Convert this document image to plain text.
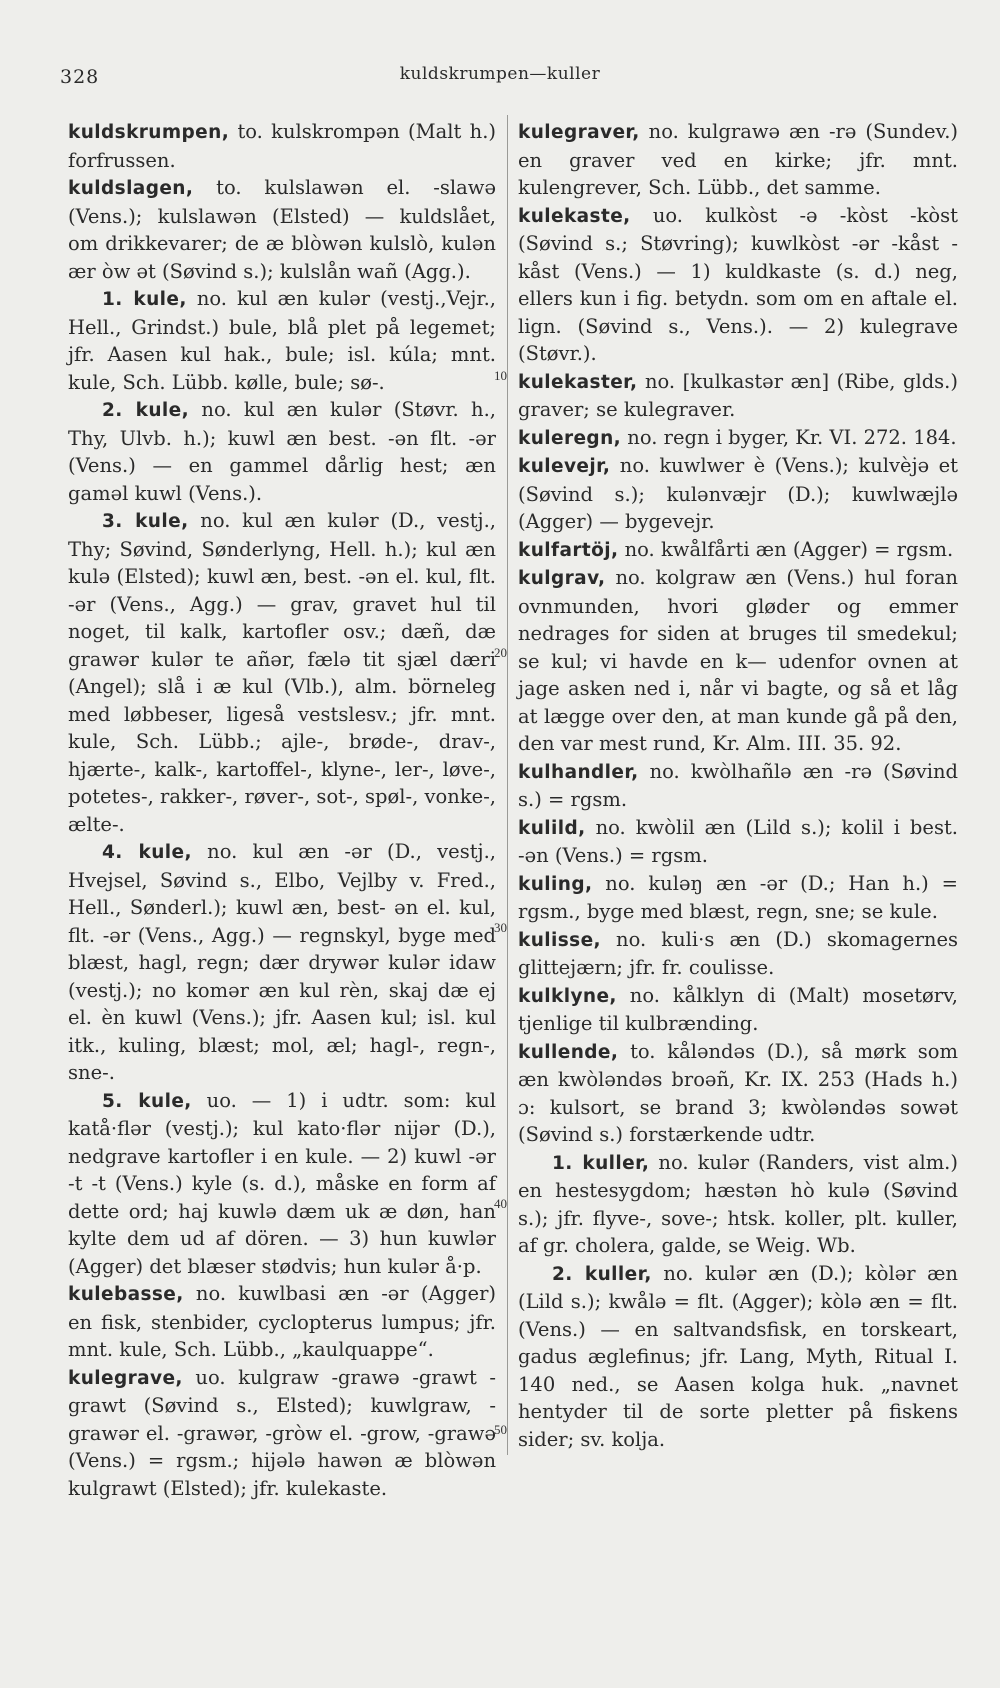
328	kuldskrumpen—kuller

kuldskrumpen, to. kulskrompən (Malt h.) forfrussen.

kuldslagen, to. kulslawən el. -slawə (Vens.); kulslawən (Elsted) — kuldslået, om drikkevarer; de æ blòwən kulslò, kulən ær òw ət (Søvind s.); kulslån wañ (Agg.).

1. kule, no. kul æn kulər (vestj.,Vejr., Hell., Grindst.) bule, blå plet på legemet; jfr. Aasen kul hak., bule; isl. kúla; mnt. kule, Sch. Lübb. kølle, bule; sø-.

2. kule, no. kul æn kulər (Støvr. h., Thy, Ulvb. h.); kuwl æn best. -ən flt. -ər (Vens.) — en gammel dårlig hest; æn gaməl kuwl (Vens.).

3. kule, no. kul æn kulər (D., vestj., Thy; Søvind, Sønderlyng, Hell. h.); kul æn kulə (Elsted); kuwl æn, best. -ən el. kul, flt. -ər (Vens., Agg.) — grav, gravet hul til noget, til kalk, kartofler osv.; dæñ, dæ grawər kulər te añər, fælə tit sjæl dæri (Angel); slå i æ kul (Vlb.), alm. börneleg med løbbeser, ligeså vestslesv.; jfr. mnt. kule, Sch. Lübb.; ajle-, brøde-, drav-, hjærte-, kalk-, kartoffel-, klyne-, ler-, løve-, potetes-, rakker-, røver-, sot-, spøl-, vonke-, ælte-.

4. kule, no. kul æn -ər (D., vestj., Hvejsel, Søvind s., Elbo, Vejlby v. Fred., Hell., Sønderl.); kuwl æn, best- ən el. kul, flt. -ər (Vens., Agg.) — regnskyl, byge med blæst, hagl, regn; dær drywər kulər idaw (vestj.); no komər æn kul rèn, skaj dæ ej el. èn kuwl (Vens.); jfr. Aasen kul; isl. kul itk., kuling, blæst; mol, æl; hagl-, regn-, sne-.

5. kule, uo. — 1) i udtr. som: kul katå·flər (vestj.); kul kato·flər nijər (D.), nedgrave kartofler i en kule. — 2) kuwl -ər -t -t (Vens.) kyle (s. d.), måske en form af dette ord; haj kuwlə dæm uk æ døn, han kylte dem ud af dören. — 3) hun kuwlər (Agger) det blæser stødvis; hun kulər å·p.

kulebasse, no. kuwlbasi æn -ər (Agger) en fisk, stenbider, cyclopterus lumpus; jfr. mnt. kule, Sch. Lübb., „kaulquappe“.

kulegrave, uo. kulgraw -grawə -grawt -grawt (Søvind s., Elsted); kuwlgraw, -grawər el. -grawər, -gròw el. -grow, -grawə (Vens.) = rgsm.; hijələ hawən æ blòwən kulgrawt (Elsted); jfr. kulekaste.

10
20
30
40
50

kulegraver, no. kulgrawə æn -rə (Sundev.) en graver ved en kirke; jfr. mnt. kulengrever, Sch. Lübb., det samme.

kulekaste, uo. kulkòst -ə -kòst -kòst (Søvind s.; Støvring); kuwlkòst -ər -kåst -kåst (Vens.) — 1) kuldkaste (s. d.) neg, ellers kun i fig. betydn. som om en aftale el. lign. (Søvind s., Vens.). — 2) kulegrave (Støvr.).

kulekaster, no. [kulkastər æn] (Ribe, glds.) graver; se kulegraver.

kuleregn, no. regn i byger, Kr. VI. 272. 184.

kulevejr, no. kuwlwer è (Vens.); kulvèjə et (Søvind s.); kulənvæjr (D.); kuwlwæjlə (Agger) — bygevejr.

kulfartöj, no. kwålfårti æn (Agger) = rgsm.

kulgrav, no. kolgraw æn (Vens.) hul foran ovnmunden, hvori gløder og emmer nedrages for siden at bruges til smedekul; se kul; vi havde en k— udenfor ovnen at jage asken ned i, når vi bagte, og så et låg at lægge over den, at man kunde gå på den, den var mest rund, Kr. Alm. III. 35. 92.

kulhandler, no. kwòlhañlə æn -rə (Søvind s.) = rgsm.

kulild, no. kwòlil æn (Lild s.); kolil i best. -ən (Vens.) = rgsm.

kuling, no. kuləŋ æn -ər (D.; Han h.) = rgsm., byge med blæst, regn, sne; se kule.

kulisse, no. kuli·s æn (D.) skomagernes glittejærn; jfr. fr. coulisse.

kulklyne, no. kålklyn di (Malt) mosetørv, tjenlige til kulbrænding.

kullende, to. kåləndəs (D.), så mørk som æn kwòləndəs broəñ, Kr. IX. 253 (Hads h.) ɔ: kulsort, se brand 3; kwòləndəs sowət (Søvind s.) forstærkende udtr.

1. kuller, no. kulər (Randers, vist alm.) en hestesygdom; hæstən hò kulə (Søvind s.); jfr. flyve-, sove-; htsk. koller, plt. kuller, af gr. cholera, galde, se Weig. Wb.

2. kuller, no. kulər æn (D.); kòlər æn (Lild s.); kwålə = flt. (Agger); kòlə æn = flt. (Vens.) — en saltvandsfisk, en torskeart, gadus æglefinus; jfr. Lang, Myth, Ritual I. 140 ned., se Aasen kolga huk. „navnet hentyder til de sorte pletter på fiskens sider; sv. kolja.
